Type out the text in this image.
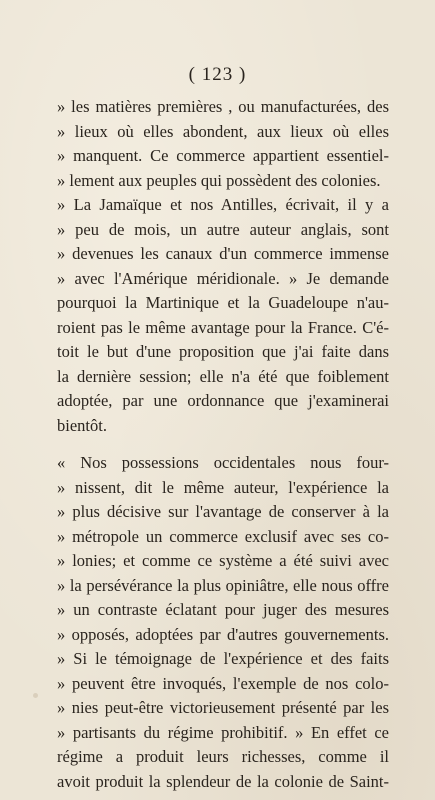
( 123 )
» les matières premières , ou manufacturées, des
» lieux où elles abondent, aux lieux où elles
» manquent. Ce commerce appartient essentiel-
» lement aux peuples qui possèdent des colonies.
» La Jamaïque et nos Antilles, écrivait, il y a
» peu de mois, un autre auteur anglais, sont
» devenues les canaux d'un commerce immense
» avec l'Amérique méridionale. » Je demande
pourquoi la Martinique et la Guadeloupe n'au-
roient pas le même avantage pour la France. C'é-
toit le but d'une proposition que j'ai faite dans
la dernière session; elle n'a été que foiblement
adoptée, par une ordonnance que j'examinerai
bientôt.
« Nos possessions occidentales nous four-
» nissent, dit le même auteur, l'expérience la
» plus décisive sur l'avantage de conserver à la
» métropole un commerce exclusif avec ses co-
» lonies; et comme ce système a été suivi avec
» la persévérance la plus opiniâtre, elle nous offre
» un contraste éclatant pour juger des mesures
» opposés, adoptées par d'autres gouvernements.
» Si le témoignage de l'expérience et des faits
» peuvent être invoqués, l'exemple de nos colo-
» nies peut-être victorieusement présenté par les
» partisants du régime prohibitif. » En effet ce
régime a produit leurs richesses, comme il
avoit produit la splendeur de la colonie de Saint-
